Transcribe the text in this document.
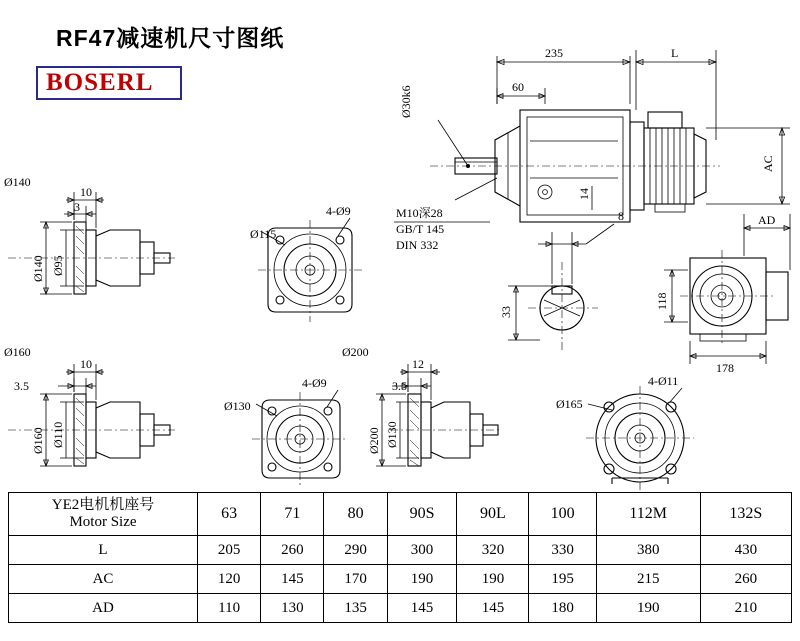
RF47减速机尺寸图纸
BOSERL
235	L
60
Ø30k6
AC
M10深28
GB/T 145
DIN 332
14
8
33
AD
118
178
Ø140
10
3
Ø140 Ø95
Ø115
4-Ø9
Ø160
10
3.5
Ø160 Ø110
Ø130
4-Ø9
Ø200
12
3.5
Ø200 Ø130
Ø165
4-Ø11
YE2电机机座号
Motor Size	63	71	80	90S	90L	100	112M	132S
L	205	260	290	300	320	330	380	430
AC	120	145	170	190	190	195	215	260
AD	110	130	135	145	145	180	190	210
